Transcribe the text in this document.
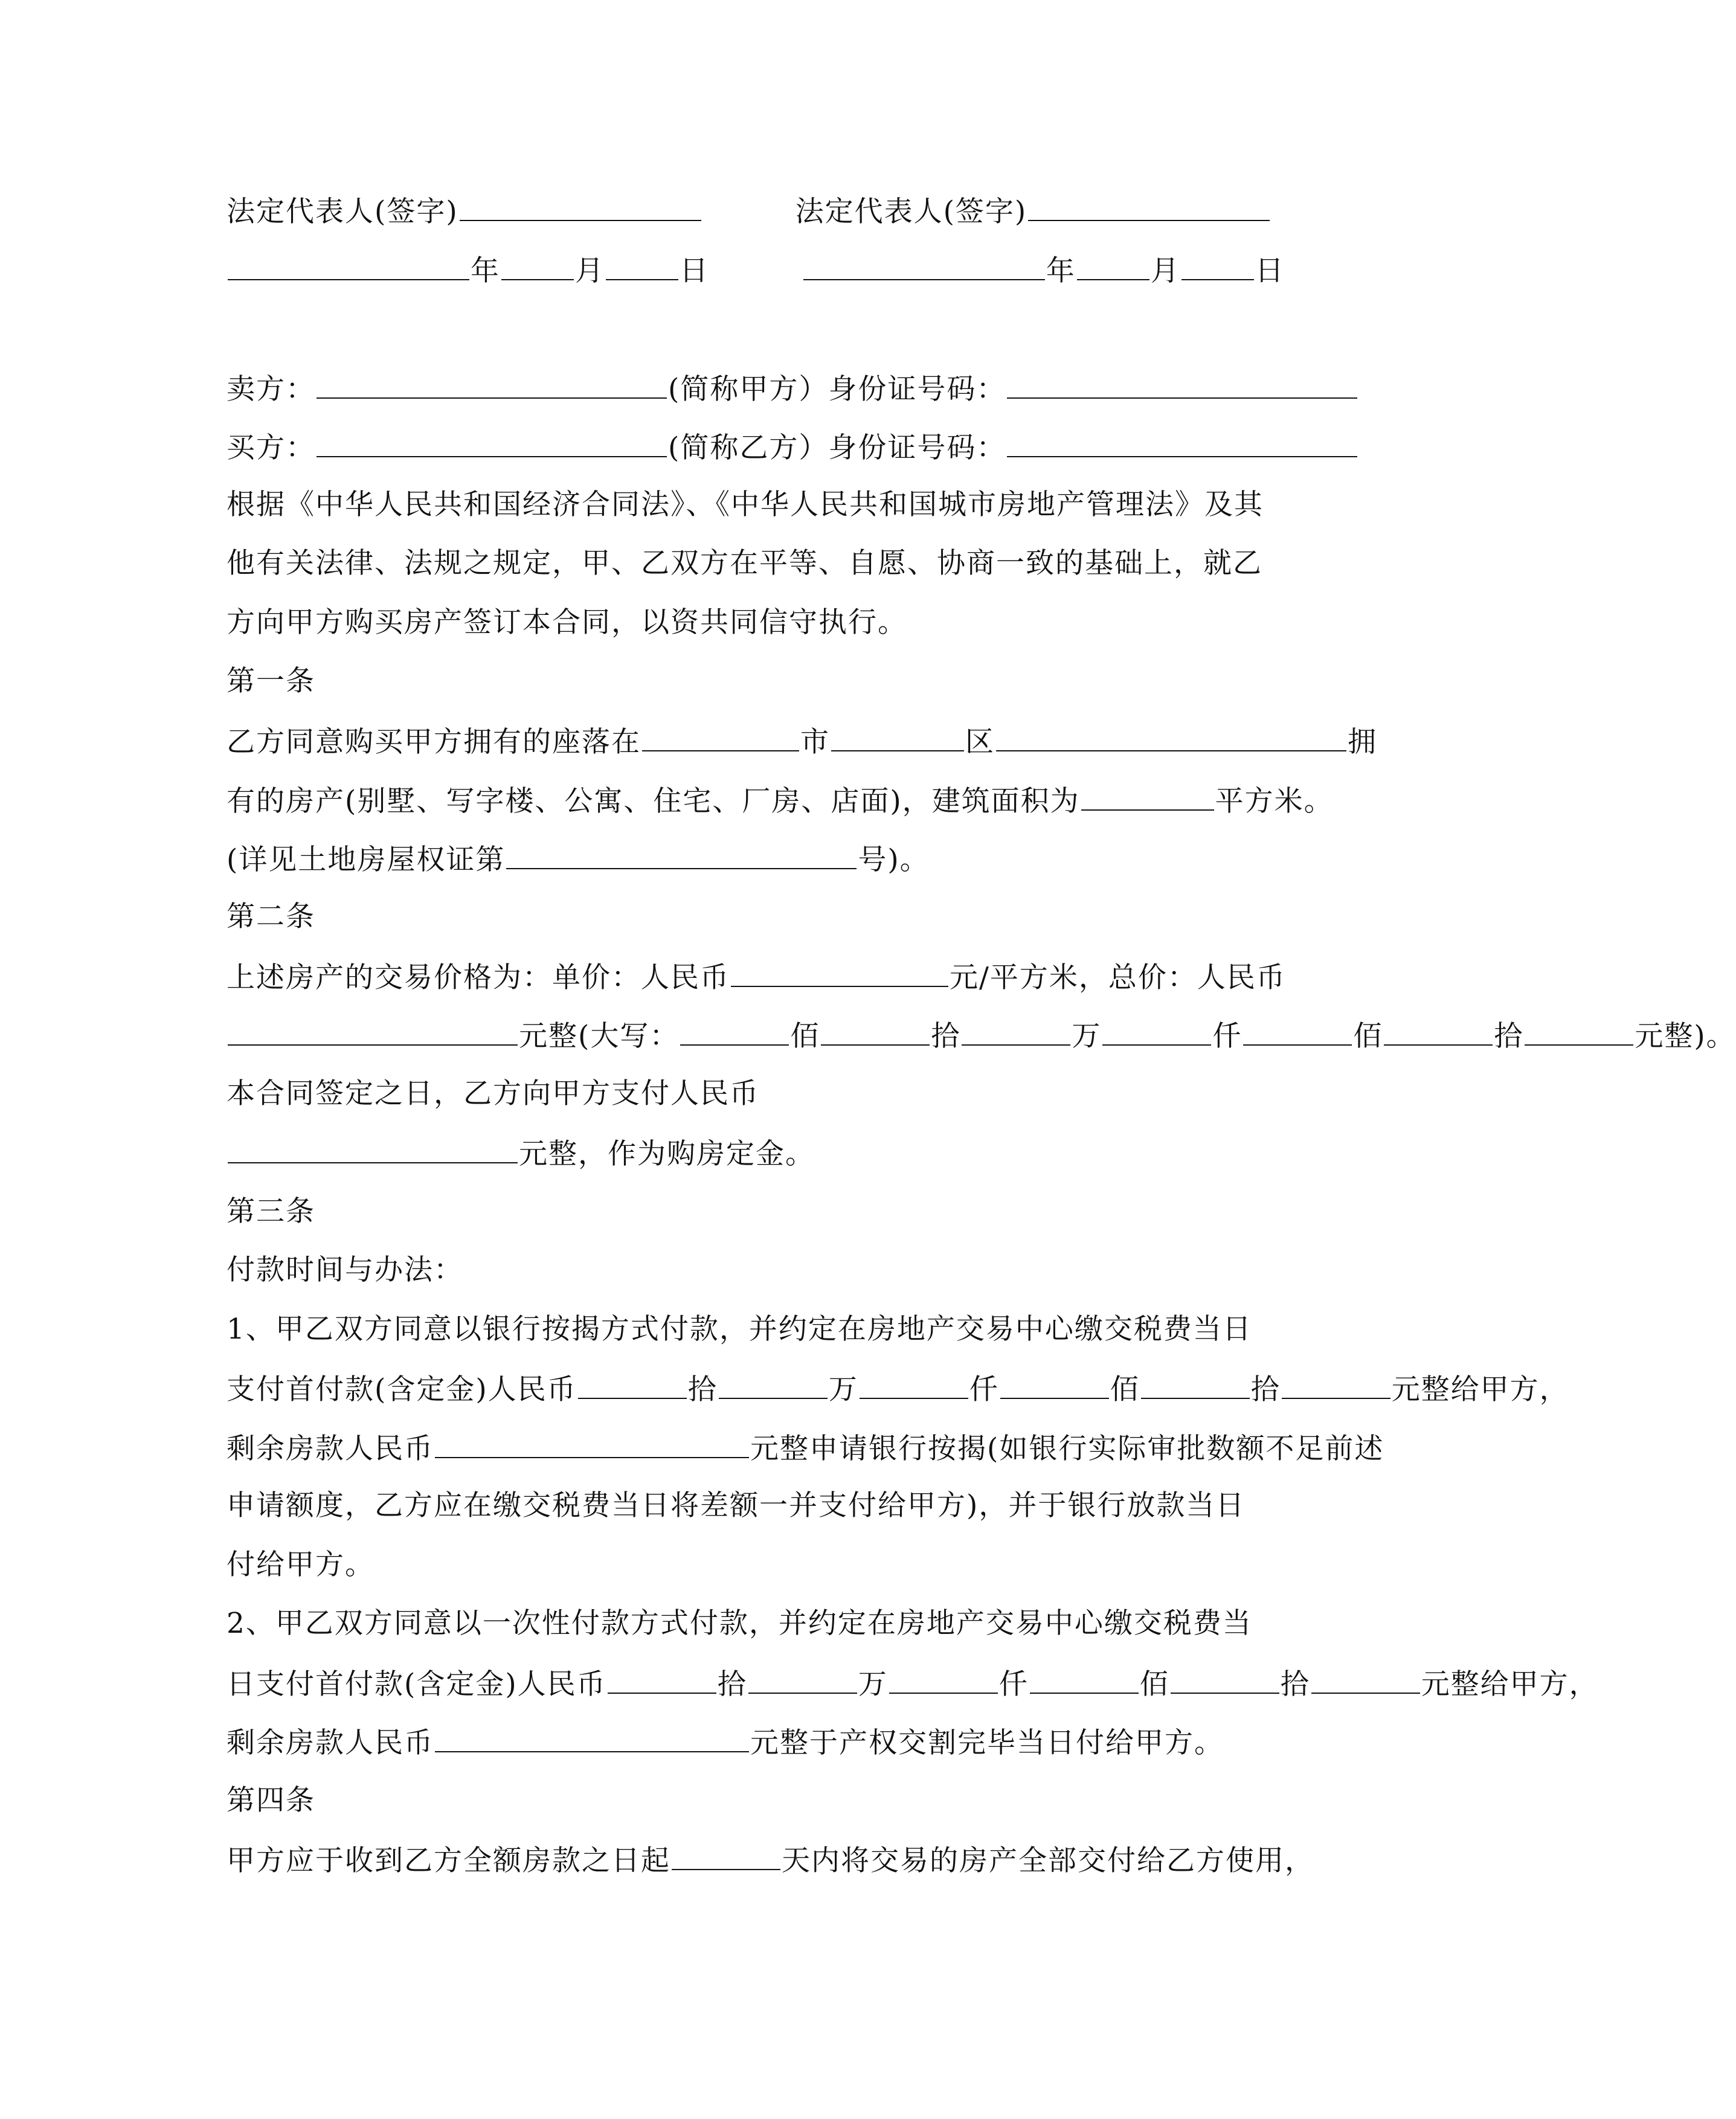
法定代表人(签字)	法定代表人(签字)
年	月	日	年	月	日
卖方：	(简称甲方）身份证号码：
买方：	(简称乙方）身份证号码：
根据《中华人民共和国经济合同法》、《中华人民共和国城市房地产管理法》及其
他有关法律、法规之规定，甲、乙双方在平等、自愿、协商一致的基础上，就乙
方向甲方购买房产签订本合同，以资共同信守执行。
第一条
乙方同意购买甲方拥有的座落在	市	区	拥
有的房产(别墅、写字楼、公寓、住宅、厂房、店面)，建筑面积为	平方米。
(详见土地房屋权证第	号)。
第二条
上述房产的交易价格为：单价：人民币	元/平方米，总价：人民币
元整(大写：	佰	拾	万	仟	佰	拾	元整)。
本合同签定之日，乙方向甲方支付人民币
元整，作为购房定金。
第三条
付款时间与办法：
1、甲乙双方同意以银行按揭方式付款，并约定在房地产交易中心缴交税费当日
支付首付款(含定金)人民币	拾	万	仟	佰	拾	元整给甲方，
剩余房款人民币	元整申请银行按揭(如银行实际审批数额不足前述
申请额度，乙方应在缴交税费当日将差额一并支付给甲方)，并于银行放款当日
付给甲方。
2、甲乙双方同意以一次性付款方式付款，并约定在房地产交易中心缴交税费当
日支付首付款(含定金)人民币	拾	万	仟	佰	拾	元整给甲方，
剩余房款人民币	元整于产权交割完毕当日付给甲方。
第四条
甲方应于收到乙方全额房款之日起	天内将交易的房产全部交付给乙方使用，
